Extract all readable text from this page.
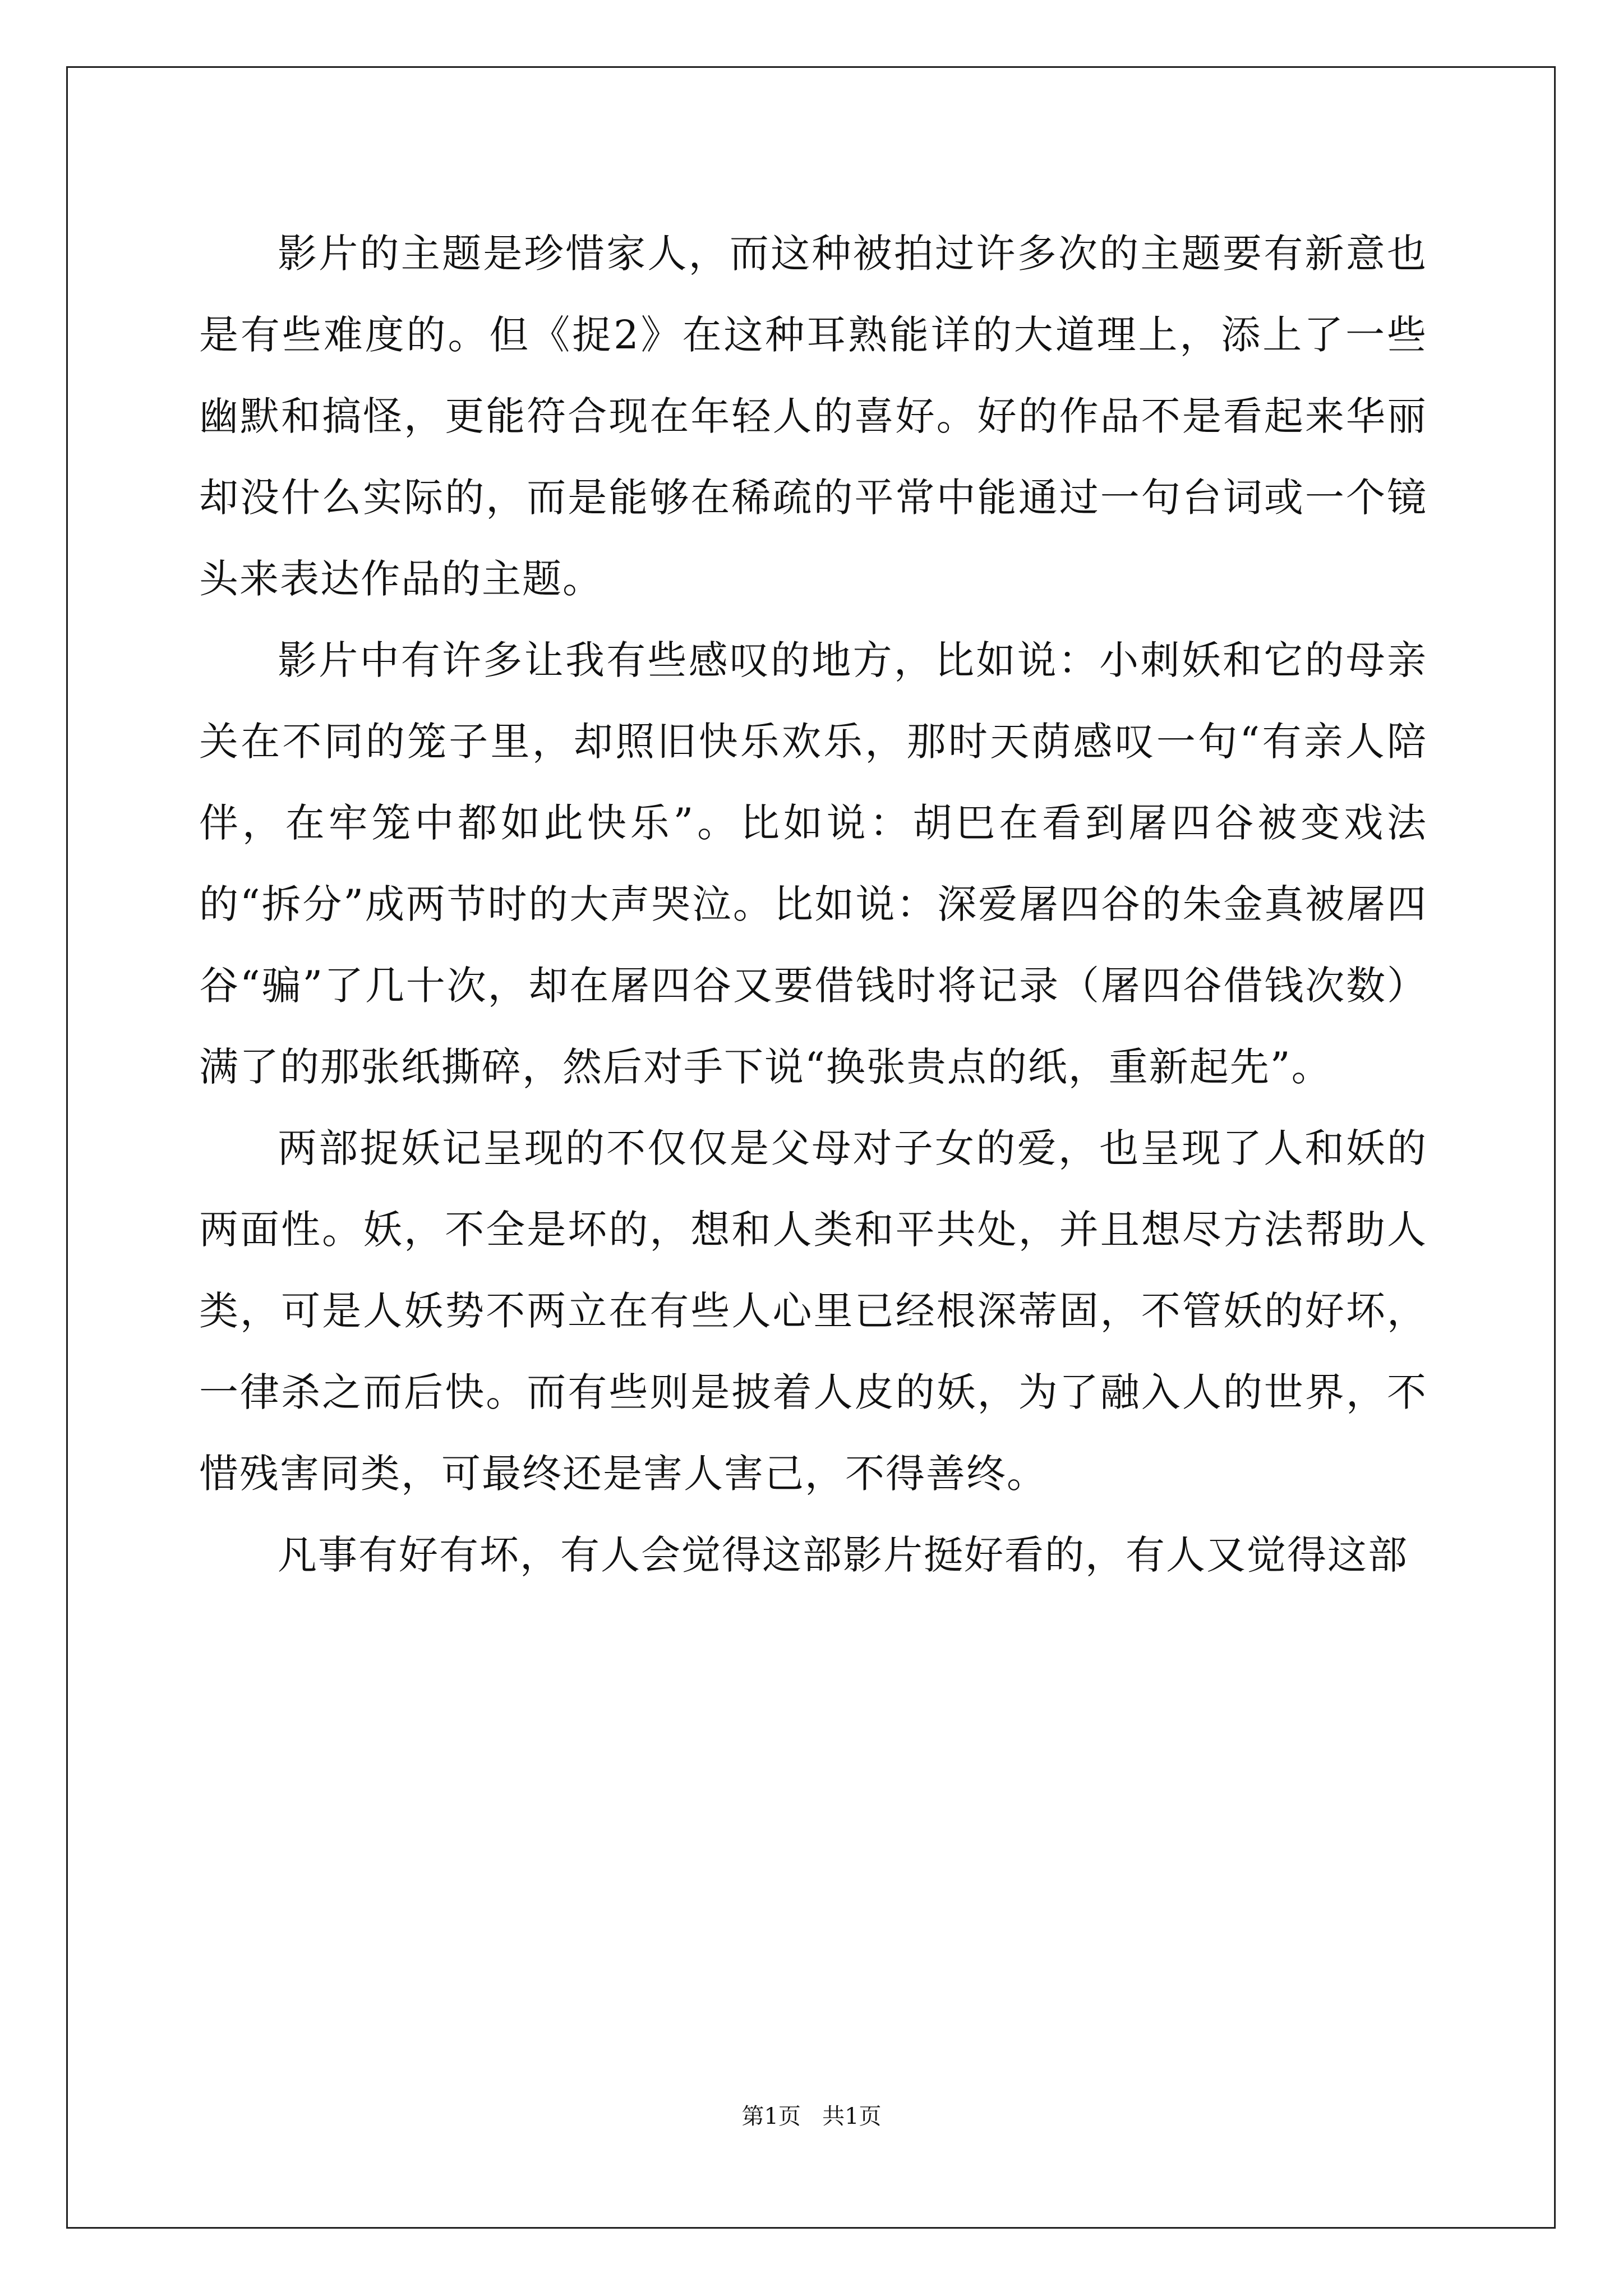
影片的主题是珍惜家人，而这种被拍过许多次的主题要有新意也是有些难度的。但《捉2》在这种耳熟能详的大道理上，添上了一些幽默和搞怪，更能符合现在年轻人的喜好。好的作品不是看起来华丽却没什么实际的，而是能够在稀疏的平常中能通过一句台词或一个镜头来表达作品的主题。

影片中有许多让我有些感叹的地方，比如说：小刺妖和它的母亲关在不同的笼子里，却照旧快乐欢乐，那时天荫感叹一句“有亲人陪伴，在牢笼中都如此快乐”。比如说：胡巴在看到屠四谷被变戏法的“拆分”成两节时的大声哭泣。比如说：深爱屠四谷的朱金真被屠四谷“骗”了几十次，却在屠四谷又要借钱时将记录（屠四谷借钱次数）满了的那张纸撕碎，然后对手下说“换张贵点的纸，重新起先”。

两部捉妖记呈现的不仅仅是父母对子女的爱，也呈现了人和妖的两面性。妖，不全是坏的，想和人类和平共处，并且想尽方法帮助人类，可是人妖势不两立在有些人心里已经根深蒂固，不管妖的好坏，一律杀之而后快。而有些则是披着人皮的妖，为了融入人的世界，不惜残害同类，可最终还是害人害己，不得善终。

凡事有好有坏，有人会觉得这部影片挺好看的，有人又觉得这部

第1页 共1页
